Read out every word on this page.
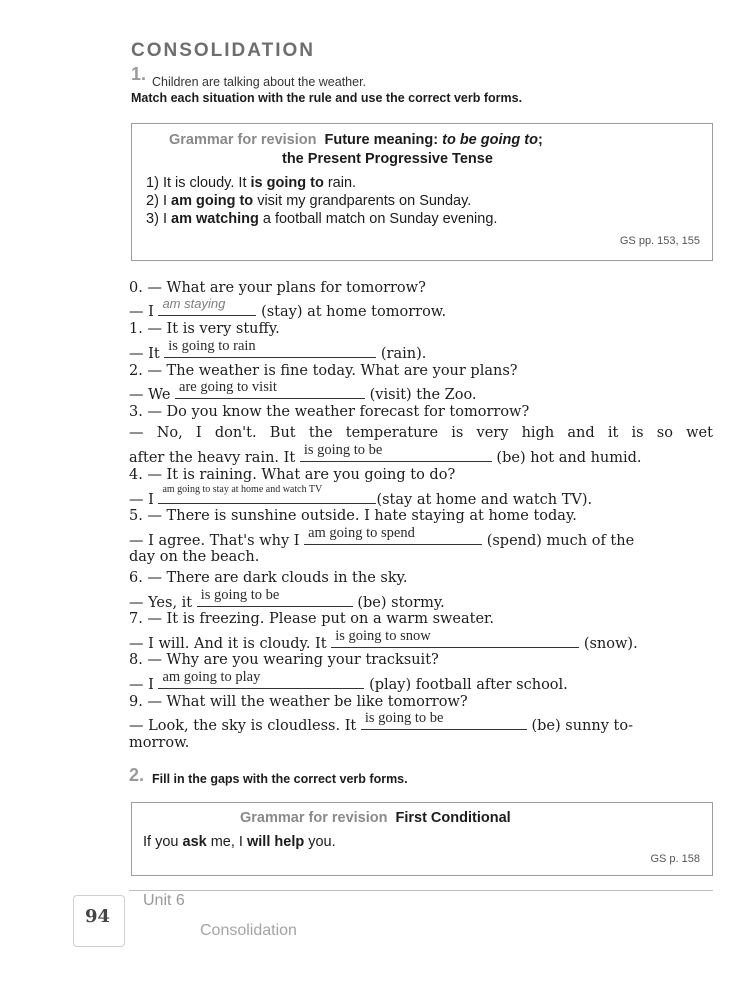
CONSOLIDATION
1. Children are talking about the weather.
Match each situation with the rule and use the correct verb forms.
Grammar for revision Future meaning: to be going to;
the Present Progressive Tense
1) It is cloudy. It is going to rain.
2) I am going to visit my grandparents on Sunday.
3) I am watching a football match on Sunday evening.
GS pp. 153, 155
0. — What are your plans for tomorrow?
— I
am staying
(stay) at home tomorrow.
1. — It is very stuffy.
— It is going to rain	(rain).
2. — The weather is fine today. What are your plans?
— We are going to visit	(visit) the Zoo.
3. — Do you know the weather forecast for tomorrow?
— No, I don't. But the temperature is very high and it is so wet
after the heavy rain. It is going to be	(be) hot and humid.
4. — It is raining. What are you going to do?
— I
am going to stay at home and watch TV
(stay at home and watch TV).
5. — There is sunshine outside. I hate staying at home today.
— I agree. That's why I am going to spend	(spend) much of the
day on the beach.
6. — There are dark clouds in the sky.
— Yes, it is going to be	(be) stormy.
7. — It is freezing. Please put on a warm sweater.
— I will. And it is cloudy. It is going to snow	(snow).
8. — Why are you wearing your tracksuit?
— I am going to play	(play) football after school.
9. — What will the weather be like tomorrow?
— Look, the sky is cloudless. It is going to be	(be) sunny to-
morrow.
2. Fill in the gaps with the correct verb forms.
Grammar for revision First Conditional
If you ask me, I will help you.
GS p. 158
94
Unit 6
Consolidation
